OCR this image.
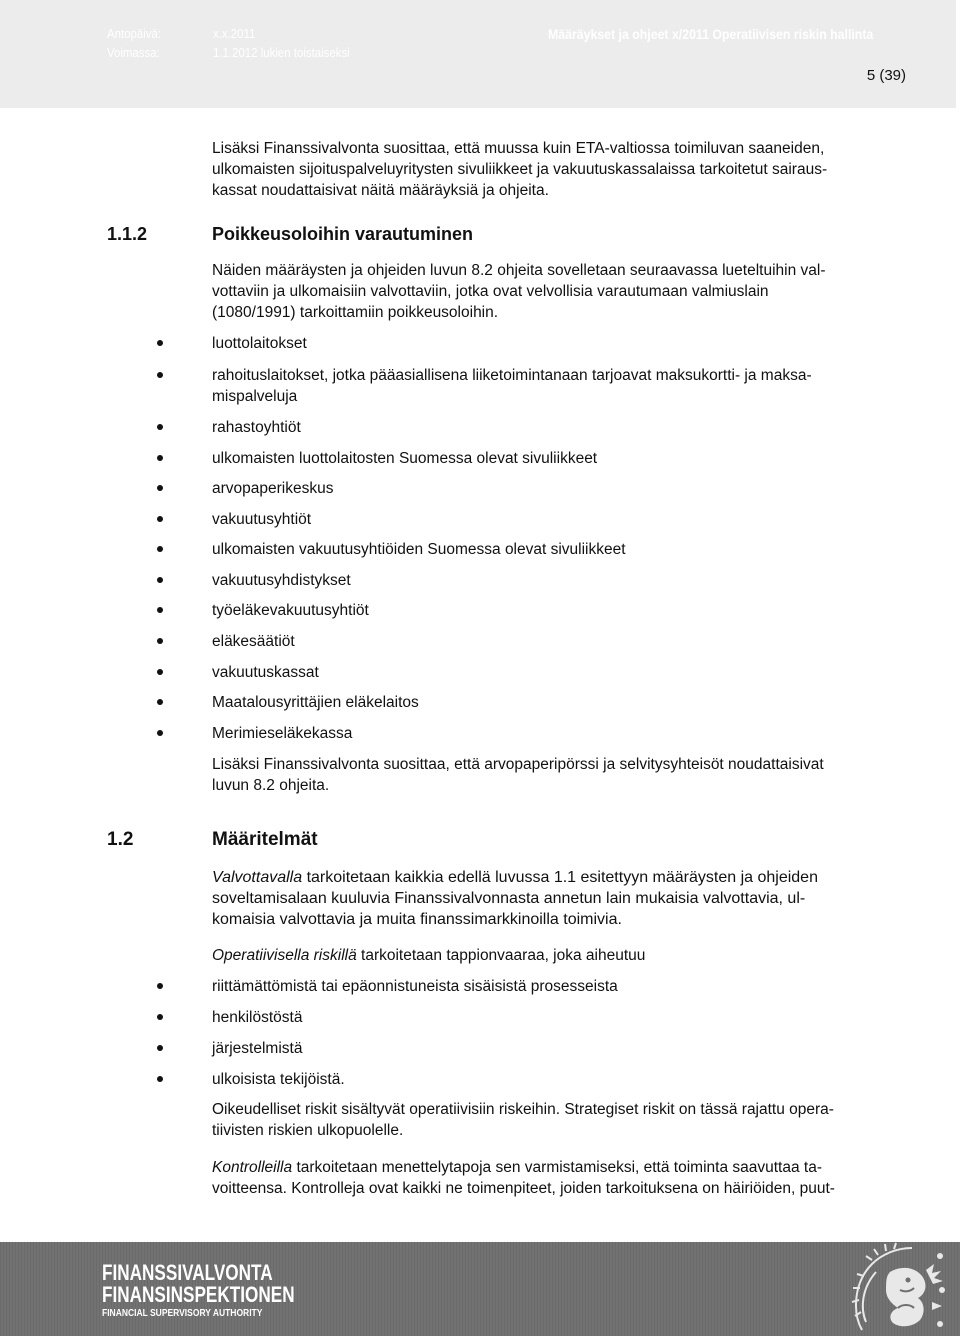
Antopäivä:	x.x.2011
Voimassa:	1.1.2012 lukien toistaiseksi
Määräykset ja ohjeet x/2011 Operatiivisen riskin hallinta
5 (39)
Lisäksi Finanssivalvonta suosittaa, että muussa kuin ETA-valtiossa toimiluvan saaneiden,
ulkomaisten sijoituspalveluyritysten sivuliikkeet ja vakuutuskassalaissa tarkoitetut sairaus-
kassat noudattaisivat näitä määräyksiä ja ohjeita.
1.1.2	Poikkeusoloihin varautuminen
Näiden määräysten ja ohjeiden luvun 8.2 ohjeita sovelletaan seuraavassa lueteltuihin val-
vottaviin ja ulkomaisiin valvottaviin, jotka ovat velvollisia varautumaan valmiuslain
(1080/1991) tarkoittamiin poikkeusoloihin.
luottolaitokset
rahoituslaitokset, jotka pääasiallisena liiketoimintanaan tarjoavat maksukortti- ja maksa-
mispalveluja
rahastoyhtiöt
ulkomaisten luottolaitosten Suomessa olevat sivuliikkeet
arvopaperikeskus
vakuutusyhtiöt
ulkomaisten vakuutusyhtiöiden Suomessa olevat sivuliikkeet
vakuutusyhdistykset
työeläkevakuutusyhtiöt
eläkesäätiöt
vakuutuskassat
Maatalousyrittäjien eläkelaitos
Merimieseläkekassa
Lisäksi Finanssivalvonta suosittaa, että arvopaperipörssi ja selvitysyhteisöt noudattaisivat
luvun 8.2 ohjeita.
1.2	Määritelmät
Valvottavalla tarkoitetaan kaikkia edellä luvussa 1.1 esitettyyn määräysten ja ohjeiden
soveltamisalaan kuuluvia Finanssivalvonnasta annetun lain mukaisia valvottavia, ul-
komaisia valvottavia ja muita finanssimarkkinoilla toimivia.
Operatiivisella riskillä tarkoitetaan tappionvaaraa, joka aiheutuu
riittämättömistä tai epäonnistuneista sisäisistä prosesseista
henkilöstöstä
järjestelmistä
ulkoisista tekijöistä.
Oikeudelliset riskit sisältyvät operatiivisiin riskeihin. Strategiset riskit on tässä rajattu opera-
tiivisten riskien ulkopuolelle.
Kontrolleilla tarkoitetaan menettelytapoja sen varmistamiseksi, että toiminta saavuttaa ta-
voitteensa. Kontrolleja ovat kaikki ne toimenpiteet, joiden tarkoituksena on häiriöiden, puut-
FINANSSIVALVONTA
FINANSINSPEKTIONEN
FINANCIAL SUPERVISORY AUTHORITY
